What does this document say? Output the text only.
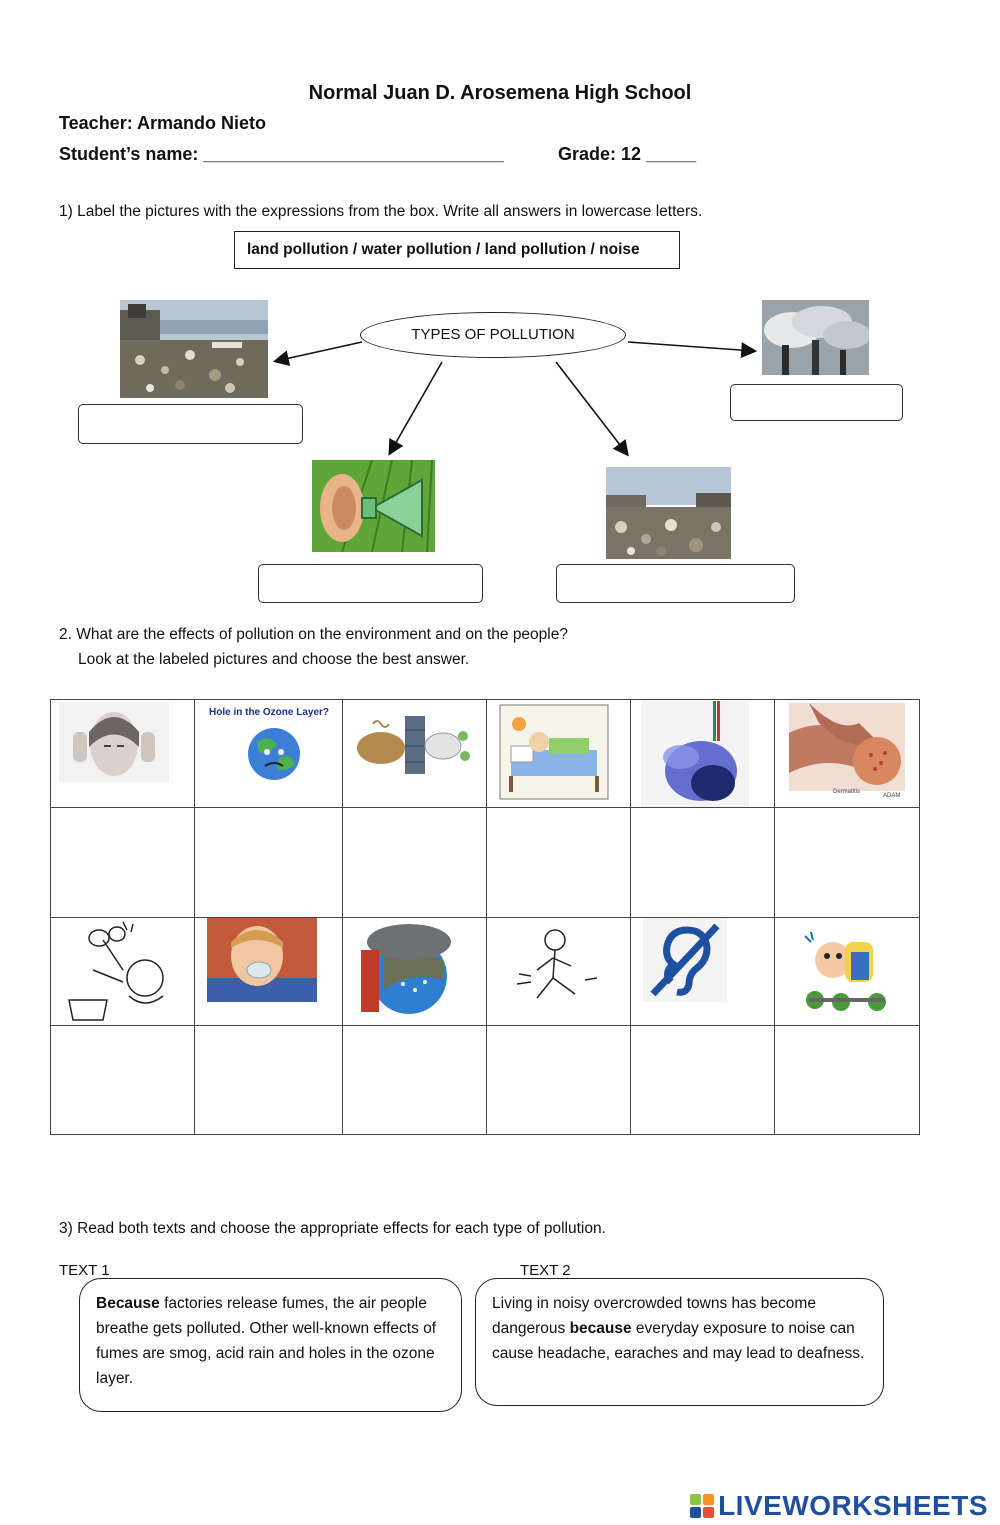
Normal Juan D. Arosemena High School
Teacher: Armando Nieto
Student’s name: ______________________________	Grade: 12 _____
1) Label the pictures with the expressions from the box. Write all answers in lowercase letters.
land pollution / water pollution / land pollution / noise
TYPES OF POLLUTION
2. What are the effects of pollution on the environment and on the people?
Look at the labeled pictures and choose the best answer.
Hole in the Ozone Layer?
Dermatitis
ADAM
3) Read both texts and choose the appropriate effects for each type of pollution.
TEXT 1	TEXT 2
Because factories release fumes, the air people breathe gets polluted. Other well-known effects of fumes are smog, acid rain and holes in the ozone layer.
Living in noisy overcrowded towns has become dangerous because everyday exposure to noise can cause headache, earaches and may lead to deafness.
LIVEWORKSHEETS
